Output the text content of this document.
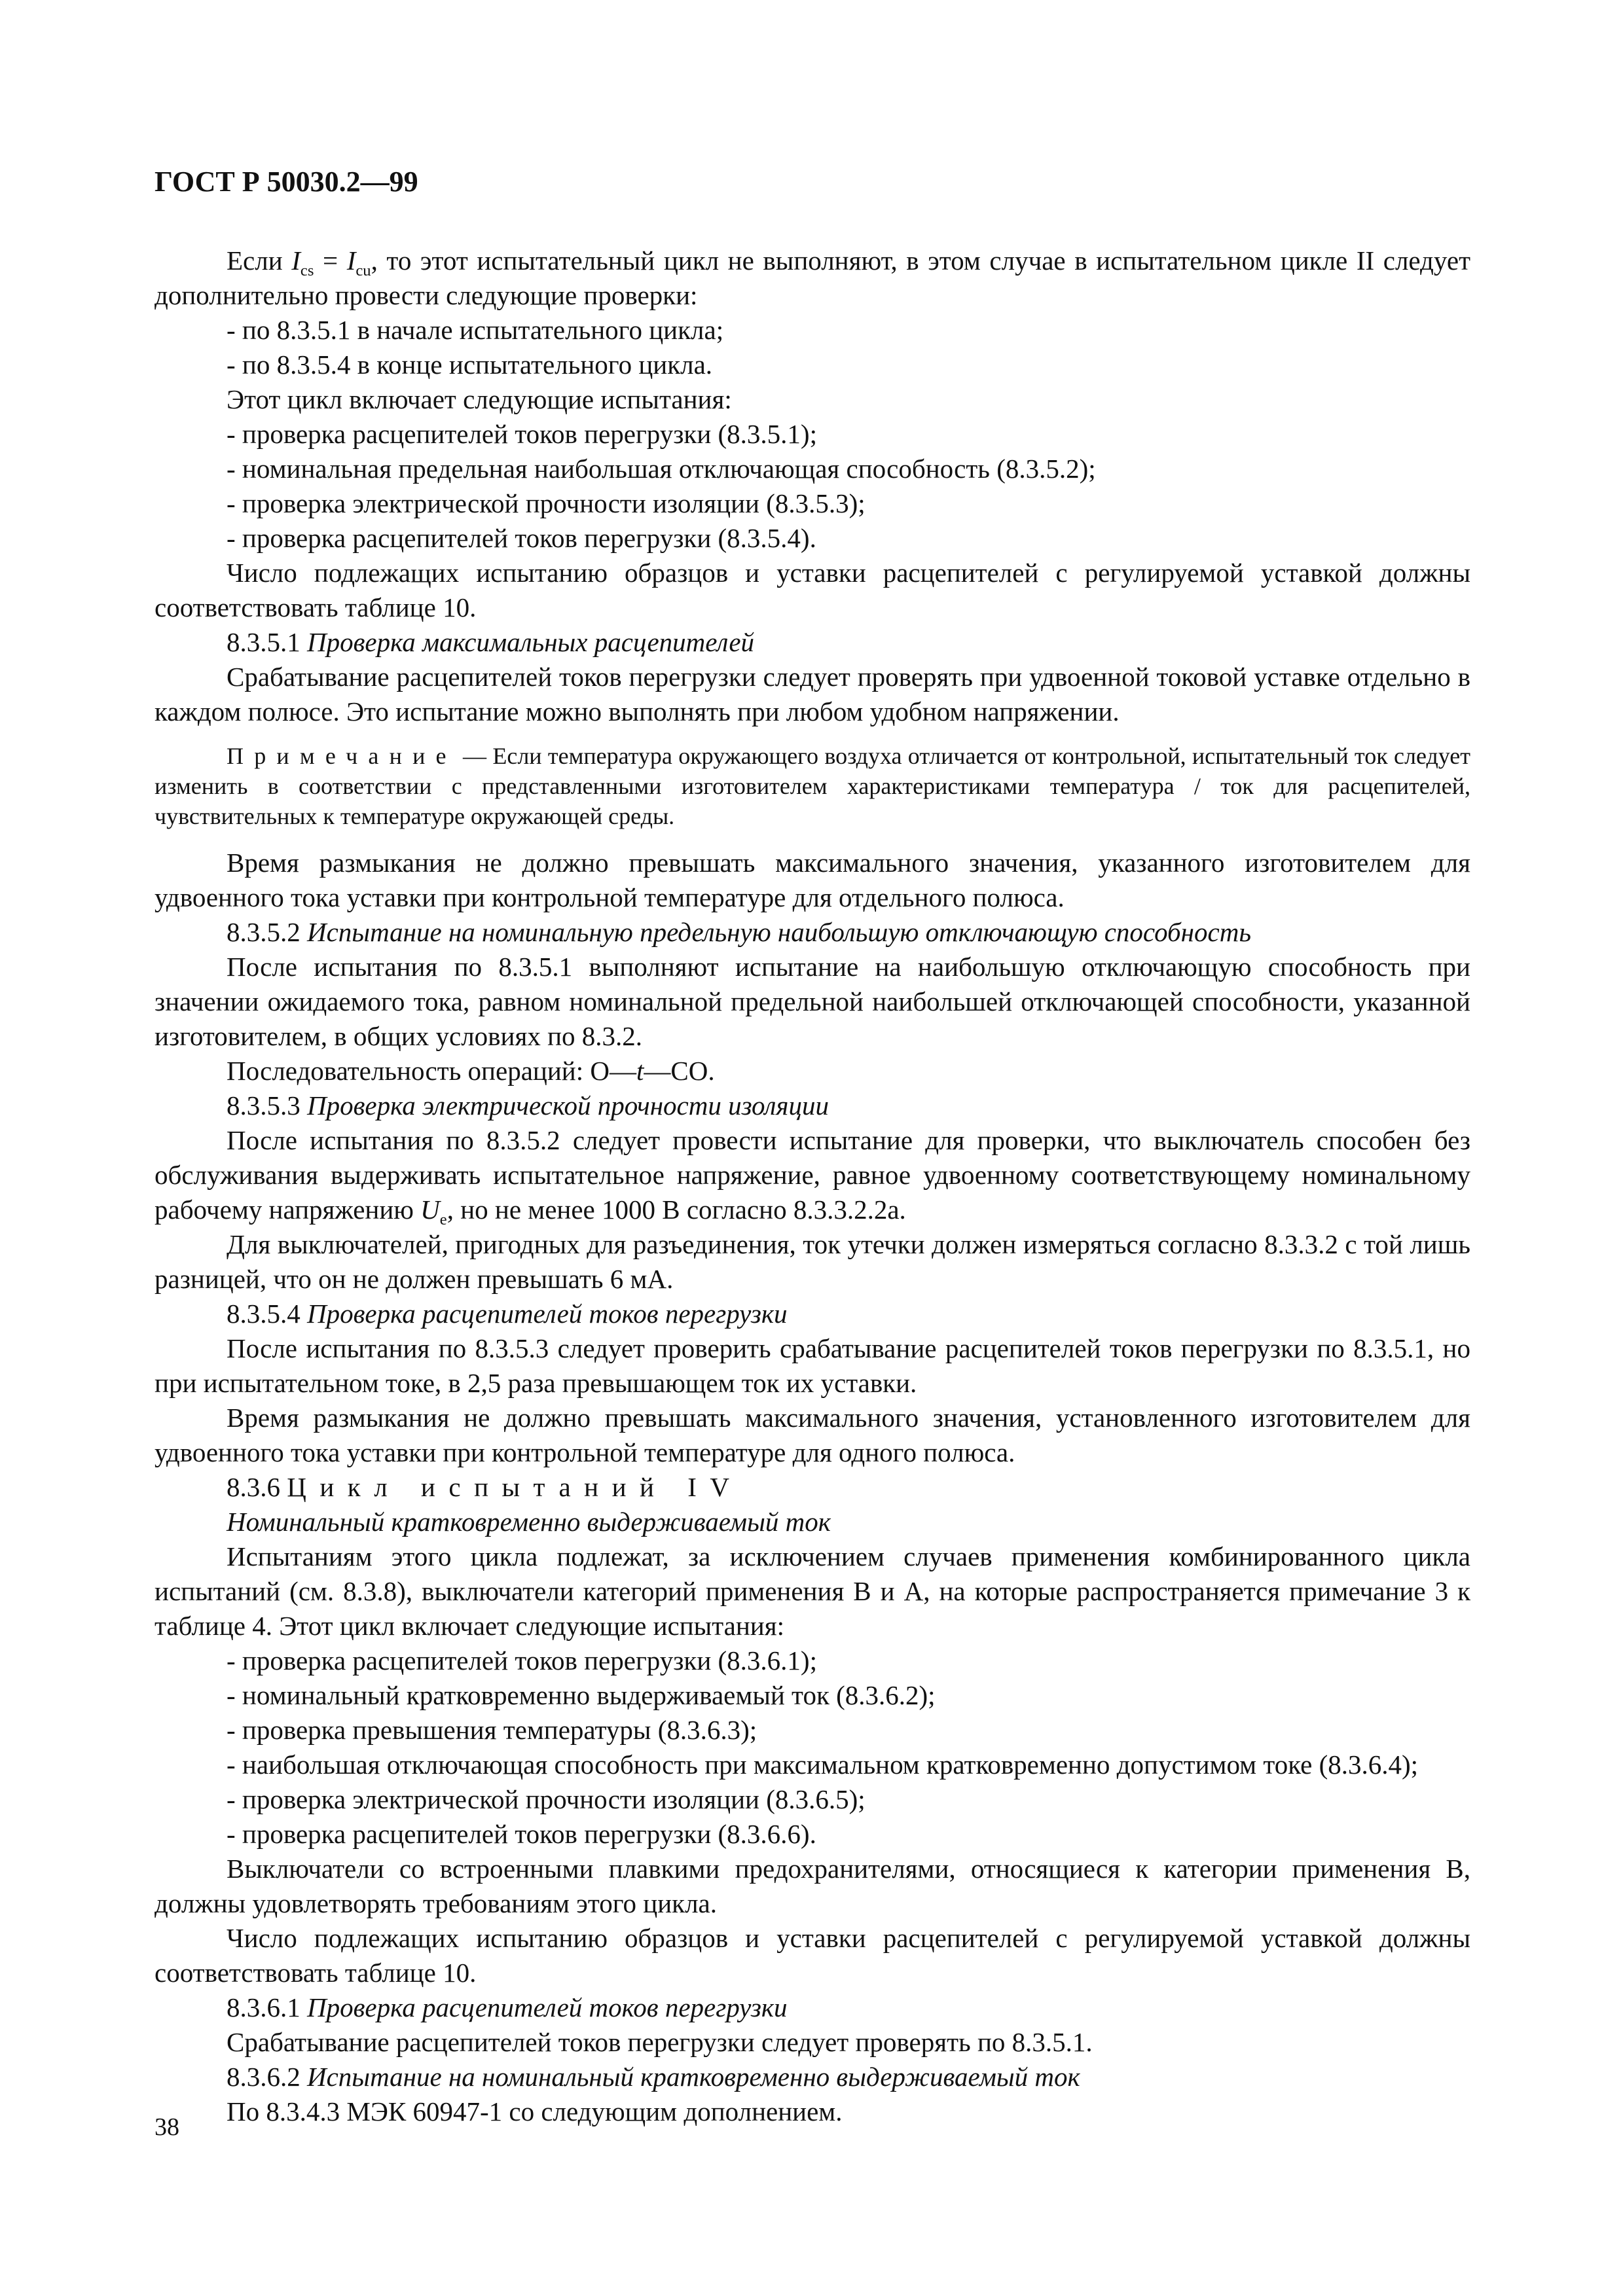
ГОСТ Р 50030.2—99

Если $I_{cs} = I_{cu}$, то этот испытательный цикл не выполняют, в этом случае в испытательном цикле II следует дополнительно провести следующие проверки:

- по 8.3.5.1 в начале испытательного цикла;

- по 8.3.5.4 в конце испытательного цикла.

Этот цикл включает следующие испытания:

- проверка расцепителей токов перегрузки (8.3.5.1);

- номинальная предельная наибольшая отключающая способность (8.3.5.2);

- проверка электрической прочности изоляции (8.3.5.3);

- проверка расцепителей токов перегрузки (8.3.5.4).

Число подлежащих испытанию образцов и уставки расцепителей с регулируемой уставкой должны соответствовать таблице 10.

8.3.5.1 Проверка максимальных расцепителей

Срабатывание расцепителей токов перегрузки следует проверять при удвоенной токовой уставке отдельно в каждом полюсе. Это испытание можно выполнять при любом удобном напряжении.

Примечание — Если температура окружающего воздуха отличается от контрольной, испытательный ток следует изменить в соответствии с представленными изготовителем характеристиками температура / ток для расцепителей, чувствительных к температуре окружающей среды.

Время размыкания не должно превышать максимального значения, указанного изготовителем для удвоенного тока уставки при контрольной температуре для отдельного полюса.

8.3.5.2 Испытание на номинальную предельную наибольшую отключающую способность

После испытания по 8.3.5.1 выполняют испытание на наибольшую отключающую способность при значении ожидаемого тока, равном номинальной предельной наибольшей отключающей способности, указанной изготовителем, в общих условиях по 8.3.2.

Последовательность операций: О—t—СО.

8.3.5.3 Проверка электрической прочности изоляции

После испытания по 8.3.5.2 следует провести испытание для проверки, что выключатель способен без обслуживания выдерживать испытательное напряжение, равное удвоенному соответствующему номинальному рабочему напряжению $U_e$, но не менее 1000 В согласно 8.3.3.2.2а.

Для выключателей, пригодных для разъединения, ток утечки должен измеряться согласно 8.3.3.2 с той лишь разницей, что он не должен превышать 6 мА.

8.3.5.4 Проверка расцепителей токов перегрузки

После испытания по 8.3.5.3 следует проверить срабатывание расцепителей токов перегрузки по 8.3.5.1, но при испытательном токе, в 2,5 раза превышающем ток их уставки.

Время размыкания не должно превышать максимального значения, установленного изготовителем для удвоенного тока уставки при контрольной температуре для одного полюса.

8.3.6 Цикл испытаний IV

Номинальный кратковременно выдерживаемый ток

Испытаниям этого цикла подлежат, за исключением случаев применения комбинированного цикла испытаний (см. 8.3.8), выключатели категорий применения В и А, на которые распространяется примечание 3 к таблице 4. Этот цикл включает следующие испытания:

- проверка расцепителей токов перегрузки (8.3.6.1);

- номинальный кратковременно выдерживаемый ток (8.3.6.2);

- проверка превышения температуры (8.3.6.3);

- наибольшая отключающая способность при максимальном кратковременно допустимом токе (8.3.6.4);

- проверка электрической прочности изоляции (8.3.6.5);

- проверка расцепителей токов перегрузки (8.3.6.6).

Выключатели со встроенными плавкими предохранителями, относящиеся к категории применения В, должны удовлетворять требованиям этого цикла.

Число подлежащих испытанию образцов и уставки расцепителей с регулируемой уставкой должны соответствовать таблице 10.

8.3.6.1 Проверка расцепителей токов перегрузки

Срабатывание расцепителей токов перегрузки следует проверять по 8.3.5.1.

8.3.6.2 Испытание на номинальный кратковременно выдерживаемый ток

По 8.3.4.3 МЭК 60947-1 со следующим дополнением.

38
